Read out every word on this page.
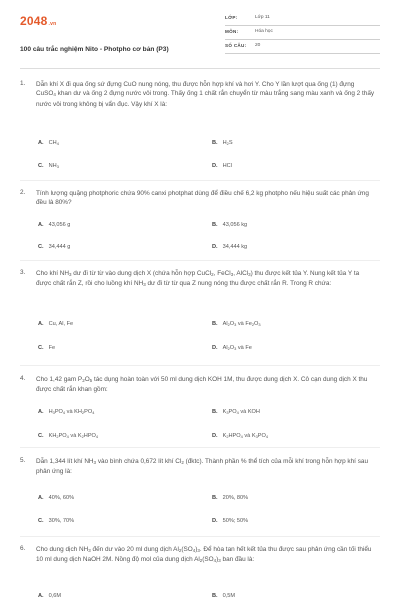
2048.vn
100 câu trắc nghiệm Nito - Photpho cơ bản (P3)
LỚP:	Lớp 11
MÔN:	Hóa học
SỐ CÂU: 20
1. Dẫn khí X đi qua ống sứ đựng CuO nung nóng, thu được hỗn hợp khí và hơi Y. Cho Y lần lượt qua ống (1) đựng CuSO$_4$ khan dư và ống 2 đựng nước vôi trong. Thấy ống 1 chất rắn chuyển từ màu trắng sang màu xanh và ống 2 thấy nước vôi trong không bị vẩn đục. Vậy khí X là:
A. $CH_4$	B. $H_2S$
C. $NH_3$	D. HCl
2. Tính lượng quặng photphoric chứa 90% canxi photphat dùng để điều chế 6,2 kg photpho nếu hiệu suất các phản ứng đều là 80%?
A. 43,056 g	B. 43,056 kg
C. 34,444 g	D. 34,444 kg
3. Cho khí $NH_3$ dư đi từ từ vào dung dịch X (chứa hỗn hợp CuCl$_2$, FeCl$_3$, AlCl$_3$) thu được kết tủa Y. Nung kết tủa Y ta được chất rắn Z, rồi cho luồng khí $NH_3$ dư đi từ từ qua Z nung nóng thu được chất rắn R. Trong R chứa:
A. Cu, Al, Fe	B. $Al_2O_3$ và $Fe_2O_3$
C. Fe	D. $Al_2O_3$ và Fe
4. Cho 1,42 gam $P_2O_5$ tác dụng hoàn toàn với 50 ml dung dịch KOH 1M, thu được dung dịch X. Cô cạn dung dịch X thu được chất rắn khan gồm:
A. $H_3PO_4$ và $KH_2PO_4$	B. $K_3PO_4$ và KOH
C. $KH_2PO_4$ và $K_2HPO_4$	D. $K_2HPO_4$ và $K_3PO_4$
5. Dẫn 1,344 lít khí $NH_3$ vào bình chứa 0,672 lít khí $Cl_2$ (đktc). Thành phần % thể tích của mỗi khí trong hỗn hợp khí sau phản ứng là:
A. 40%, 60%	B. 20%, 80%
C. 30%, 70%	D. 50%; 50%
6. Cho dung dịch $NH_3$ đến dư vào 20 ml dung dịch $Al_2(SO_4)_3$. Để hòa tan hết kết tủa thu được sau phản ứng cần tối thiểu 10 ml dung dịch NaOH 2M. Nồng độ mol của dung dịch $Al_2(SO_4)_3$ ban đầu là:
A. 0,6M	B. 0,5M
